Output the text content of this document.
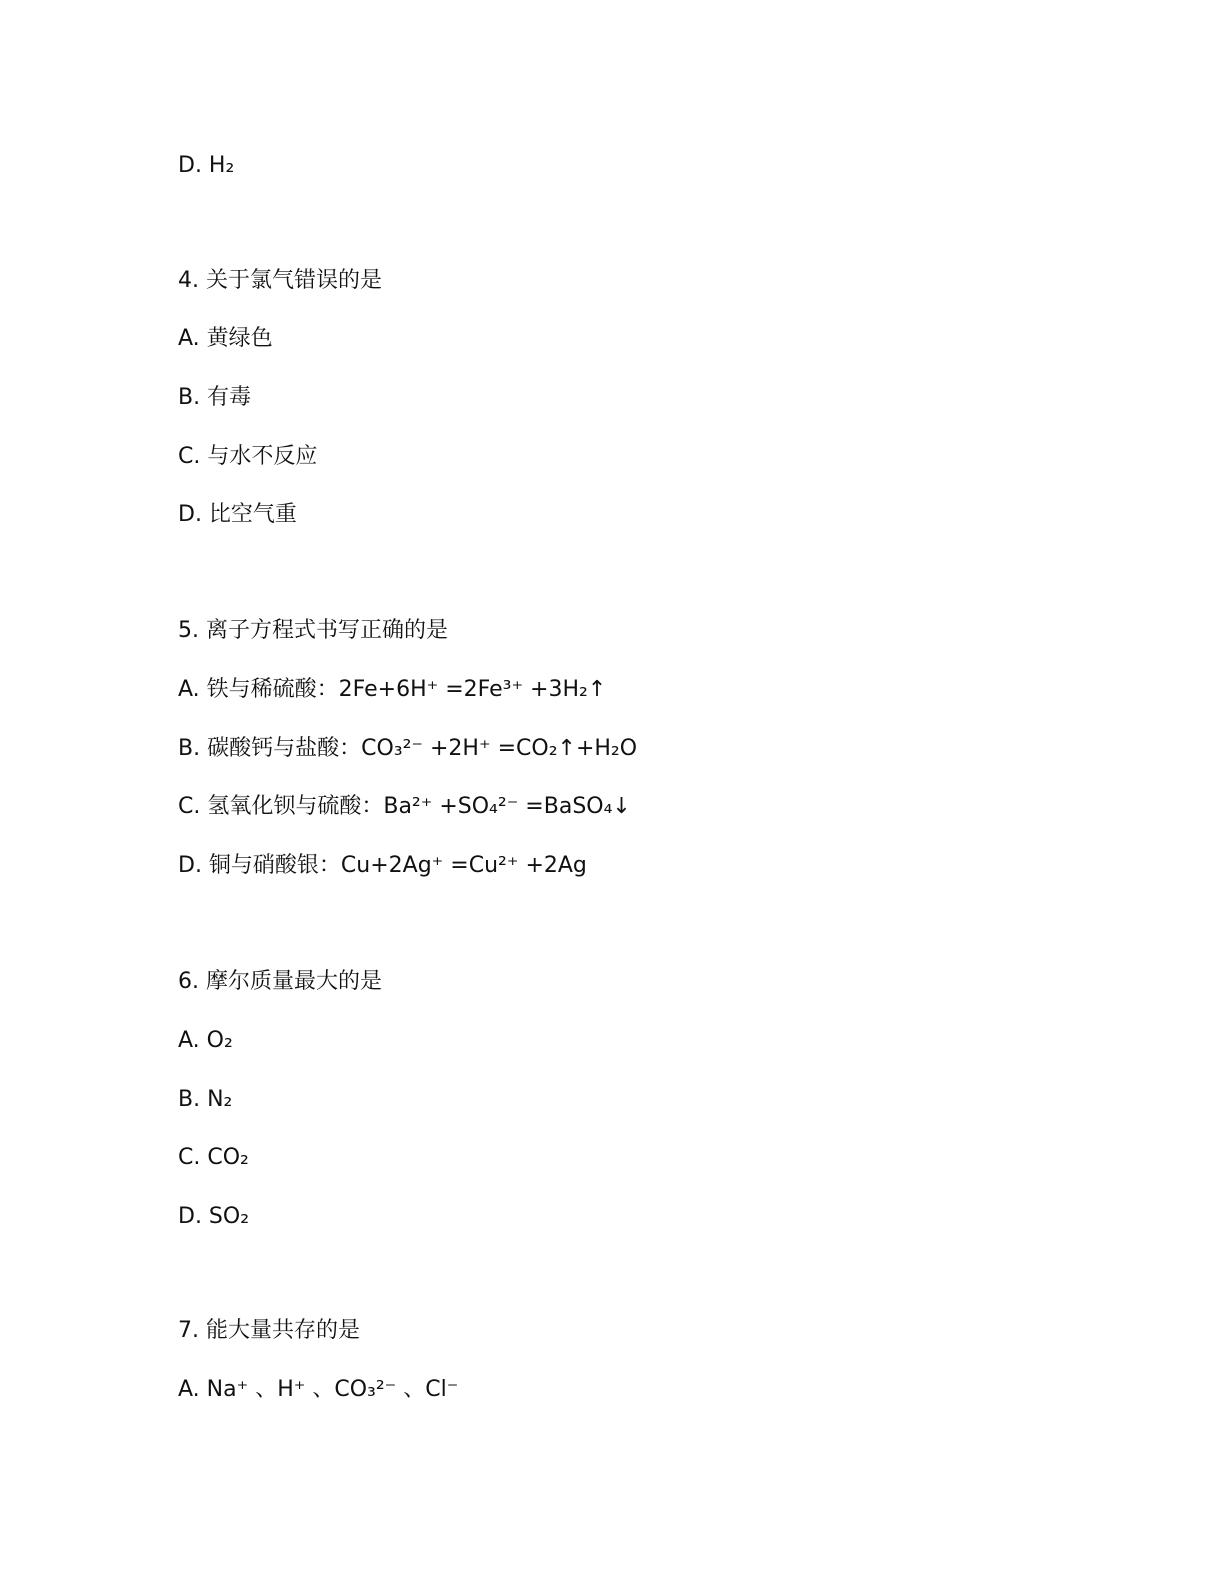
D. H₂
4. 关于氯气错误的是
A. 黄绿色
B. 有毒
C. 与水不反应
D. 比空气重
5. 离子方程式书写正确的是
A. 铁与稀硫酸：2Fe+6H⁺ =2Fe³⁺ +3H₂↑
B. 碳酸钙与盐酸：CO₃²⁻ +2H⁺ =CO₂↑+H₂O
C. 氢氧化钡与硫酸：Ba²⁺ +SO₄²⁻ =BaSO₄↓
D. 铜与硝酸银：Cu+2Ag⁺ =Cu²⁺ +2Ag
6. 摩尔质量最大的是
A. O₂
B. N₂
C. CO₂
D. SO₂
7. 能大量共存的是
A. Na⁺ 、H⁺ 、CO₃²⁻ 、Cl⁻
